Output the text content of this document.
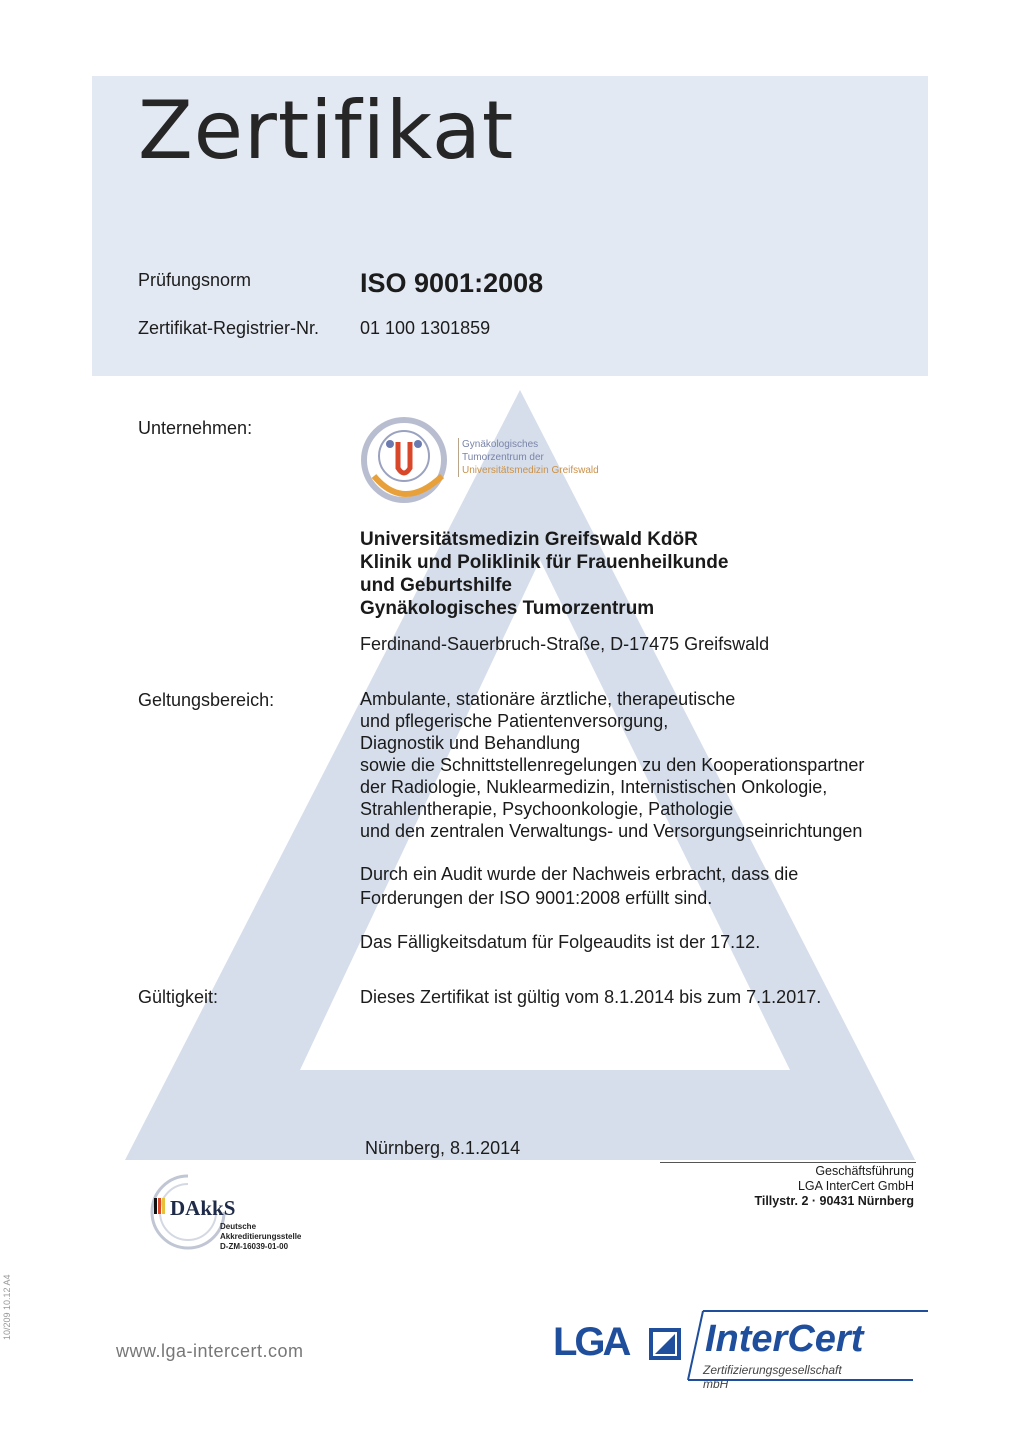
Zertifikat
Prüfungsnorm	ISO 9001:2008
Zertifikat-Registrier-Nr. 01 100 1301859
Unternehmen:
Gynäkologisches
Tumorzentrum der
Universitätsmedizin Greifswald
Universitätsmedizin Greifswald KdöR
Klinik und Poliklinik für Frauenheilkunde
und Geburtshilfe
Gynäkologisches Tumorzentrum
Ferdinand-Sauerbruch-Straße, D-17475 Greifswald
Geltungsbereich:	Ambulante, stationäre ärztliche, therapeutische
und pflegerische Patientenversorgung,
Diagnostik und Behandlung
sowie die Schnittstellenregelungen zu den Kooperationspartner
der Radiologie, Nuklearmedizin, Internistischen Onkologie,
Strahlentherapie, Psychoonkologie, Pathologie
und den zentralen Verwaltungs- und Versorgungseinrichtungen
Durch ein Audit wurde der Nachweis erbracht, dass die
Forderungen der ISO 9001:2008 erfüllt sind.
Das Fälligkeitsdatum für Folgeaudits ist der 17.12.
Gültigkeit:	Dieses Zertifikat ist gültig vom 8.1.2014 bis zum 7.1.2017.
Nürnberg, 8.1.2014
Geschäftsführung
LGA InterCert GmbH
Tillystr. 2 · 90431 Nürnberg
DAkkS
Deutsche
Akkreditierungsstelle
D-ZM-16039-01-00
www.lga-intercert.com
10/209 10.12 A4
LGA InterCert
Zertifizierungsgesellschaft mbH
